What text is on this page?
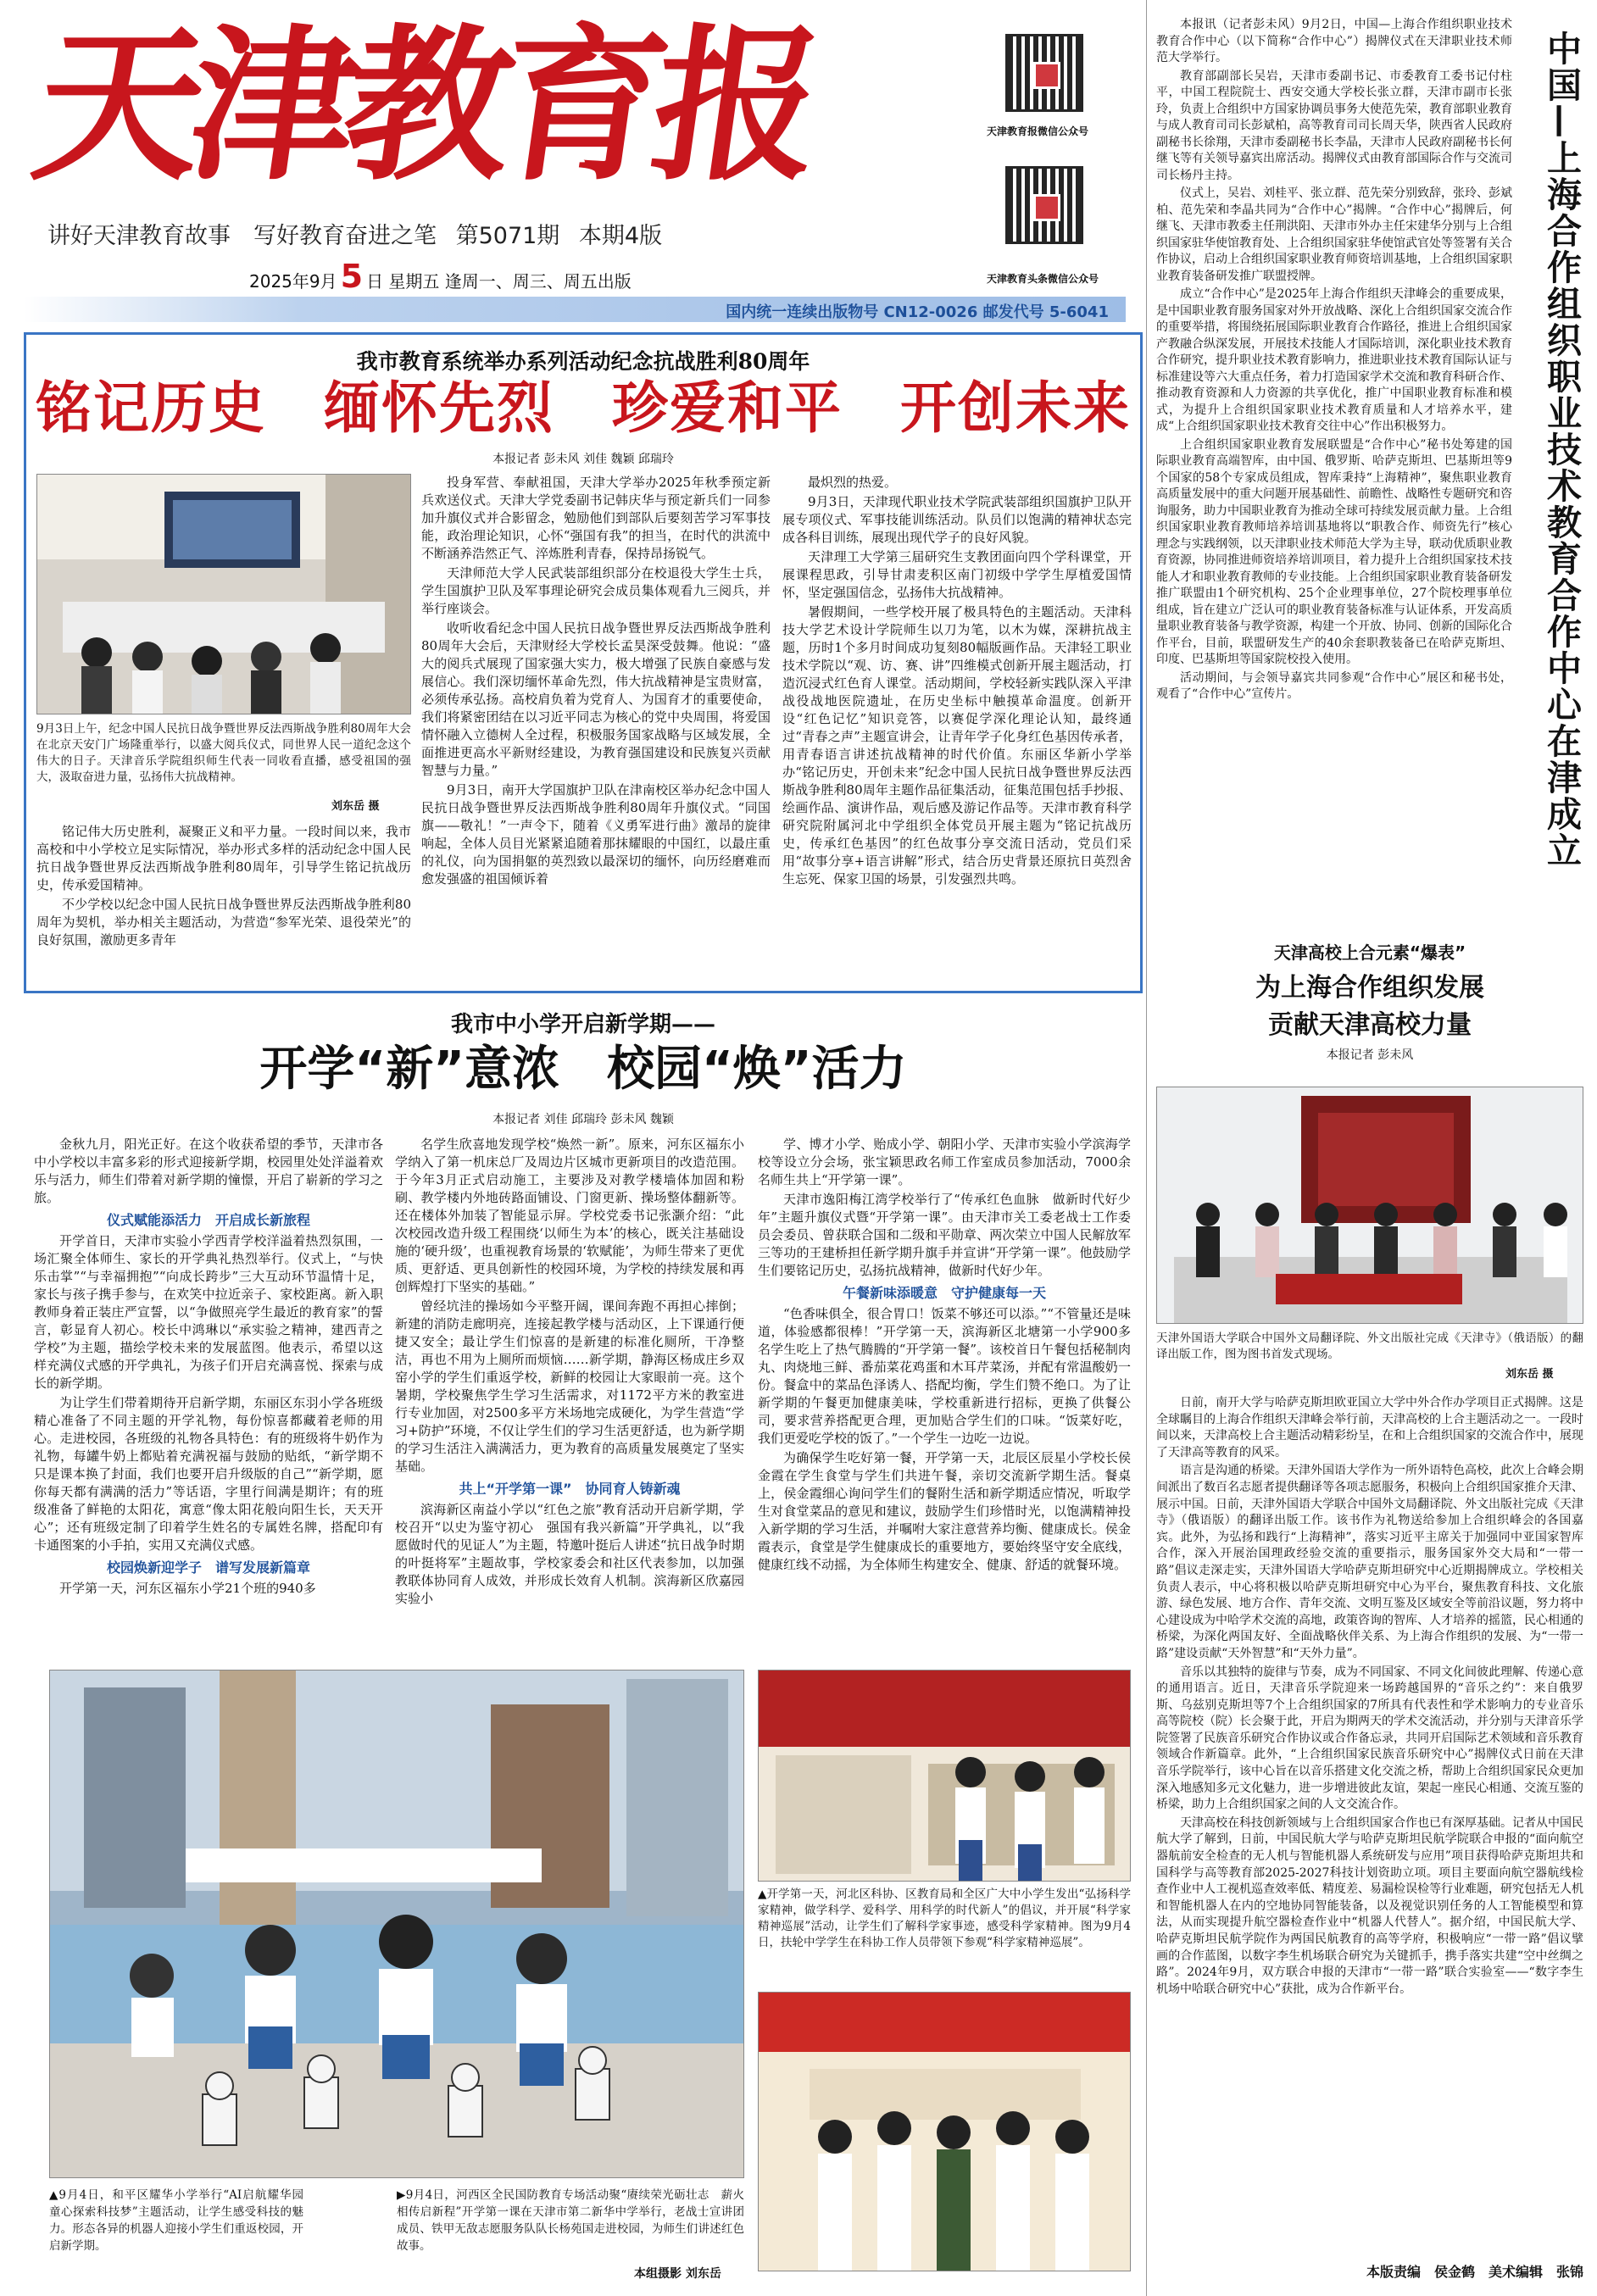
天津教育报
讲好天津教育故事　写好教育奋进之笔 第5071期 本期4版
2025年9月 5 日 星期五 逢周一、周三、周五出版
天津教育报微信公众号
天津教育头条微信公众号
国内统一连续出版物号 CN12-0026 邮发代号 5-6041
我市教育系统举办系列活动纪念抗战胜利80周年
铭记历史　缅怀先烈　珍爱和平　开创未来
本报记者 彭未风 刘佳 魏颖 邱瑞玲
9月3日上午，纪念中国人民抗日战争暨世界反法西斯战争胜利80周年大会在北京天安门广场隆重举行，以盛大阅兵仪式，同世界人民一道纪念这个伟大的日子。天津音乐学院组织师生代表一同收看直播，感受祖国的强大，汲取奋进力量，弘扬伟大抗战精神。
刘东岳 摄

铭记伟大历史胜利，凝聚正义和平力量。一段时间以来，我市高校和中小学校立足实际情况，举办形式多样的活动纪念中国人民抗日战争暨世界反法西斯战争胜利80周年，引导学生铭记抗战历史，传承爱国精神。

不少学校以纪念中国人民抗日战争暨世界反法西斯战争胜利80周年为契机，举办相关主题活动，为营造“参军光荣、退役荣光”的良好氛围，激励更多青年

投身军营、奉献祖国，天津大学举办2025年秋季预定新兵欢送仪式。天津大学党委副书记韩庆华与预定新兵们一同参加升旗仪式并合影留念，勉励他们到部队后要刻苦学习军事技能，政治理论知识，心怀“强国有我”的担当，在时代的洪流中不断涵养浩然正气、淬炼胜利青春，保持昂扬锐气。

天津师范大学人民武装部组织部分在校退役大学生士兵，学生国旗护卫队及军事理论研究会成员集体观看九三阅兵，并举行座谈会。

收听收看纪念中国人民抗日战争暨世界反法西斯战争胜利80周年大会后，天津财经大学校长孟昊深受鼓舞。他说：“盛大的阅兵式展现了国家强大实力，极大增强了民族自豪感与发展信心。我们深切缅怀革命先烈，伟大抗战精神是宝贵财富，必须传承弘扬。高校肩负着为党育人、为国育才的重要使命，我们将紧密团结在以习近平同志为核心的党中央周围，将爱国情怀融入立德树人全过程，积极服务国家战略与区域发展，全面推进更高水平新财经建设，为教育强国建设和民族复兴贡献智慧与力量。”

9月3日，南开大学国旗护卫队在津南校区举办纪念中国人民抗日战争暨世界反法西斯战争胜利80周年升旗仪式。“同国旗——敬礼！”一声令下，随着《义勇军进行曲》激昂的旋律响起，全体人员目光紧紧追随着那抹耀眼的中国红，以最庄重的礼仪，向为国捐躯的英烈致以最深切的缅怀，向历经磨难而愈发强盛的祖国倾诉着

最炽烈的热爱。

9月3日，天津现代职业技术学院武装部组织国旗护卫队开展专项仪式、军事技能训练活动。队员们以饱满的精神状态完成各科目训练，展现出现代学子的良好风貌。

天津理工大学第三届研究生支教团面向四个学科课堂，开展课程思政，引导甘肃麦积区南门初级中学学生厚植爱国情怀，坚定强国信念，弘扬伟大抗战精神。

暑假期间，一些学校开展了极具特色的主题活动。天津科技大学艺术设计学院师生以刀为笔，以木为媒，深耕抗战主题，历时1个多月时间成功复刻80幅版画作品。天津轻工职业技术学院以“观、访、赛、讲”四维模式创新开展主题活动，打造沉浸式红色育人课堂。活动期间，学校轻新实践队深入平津战役战地医院遗址，在历史坐标中触摸革命温度。创新开设“红色记忆”知识竞答，以赛促学深化理论认知，最终通过“青春之声”主题宣讲会，让青年学子化身红色基因传承者，用青春语言讲述抗战精神的时代价值。东丽区华新小学举办“铭记历史，开创未来”纪念中国人民抗日战争暨世界反法西斯战争胜利80周年主题作品征集活动，征集范围包括手抄报、绘画作品、演讲作品，观后感及游记作品等。天津市教育科学研究院附属河北中学组织全体党员开展主题为“铭记抗战历史，传承红色基因”的红色故事分享交流日活动，党员们采用“故事分享+语言讲解”形式，结合历史背景还原抗日英烈舍生忘死、保家卫国的场景，引发强烈共鸣。

我市中小学开启新学期——
开学“新”意浓　校园“焕”活力
本报记者 刘佳 邱瑞玲 彭未风 魏颖

金秋九月，阳光正好。在这个收获希望的季节，天津市各中小学校以丰富多彩的形式迎接新学期，校园里处处洋溢着欢乐与活力，师生们带着对新学期的憧憬，开启了崭新的学习之旅。

仪式赋能添活力　开启成长新旅程

开学首日，天津市实验小学西青学校洋溢着热烈氛围，一场汇聚全体师生、家长的开学典礼热烈举行。仪式上，“与快乐击掌”“与幸福拥抱”“向成长跨步”三大互动环节温情十足，家长与孩子携手参与，在欢笑中拉近亲子、家校距离。新入职教师身着正装庄严宣誓，以“争做照亮学生最近的教育家”的誓言，彰显育人初心。校长中鸿琳以“承实验之精神，建西青之学校”为主题，描绘学校未来的发展蓝图。他表示，希望以这样充满仪式感的开学典礼，为孩子们开启充满喜悦、探索与成长的新学期。

为让学生们带着期待开启新学期，东丽区东羽小学各班级精心准备了不同主题的开学礼物，每份惊喜都藏着老师的用心。走进校园，各班级的礼物各具特色：有的班级将牛奶作为礼物，每罐牛奶上都贴着充满祝福与鼓励的贴纸，“新学期不只是课本换了封面，我们也要开启升级版的自己”“新学期，愿你每天都有满满的活力”等话语，字里行间满是期许；有的班级准备了鲜艳的太阳花，寓意“像太阳花般向阳生长，天天开心”；还有班级定制了印着学生姓名的专属姓名牌，搭配印有卡通图案的小手拍，实用又充满仪式感。

校园焕新迎学子　谱写发展新篇章

开学第一天，河东区福东小学21个班的940多

名学生欣喜地发现学校“焕然一新”。原来，河东区福东小学纳入了第一机床总厂及周边片区城市更新项目的改造范围。于今年3月正式启动施工，主要涉及对教学楼墙体加固和粉刷、教学楼内外地砖路面铺设、门窗更新、操场整体翻新等。还在楼体外加装了智能显示屏。学校党委书记张灏介绍：“此次校园改造升级工程围绕‘以师生为本’的核心，既关注基础设施的‘硬升级’，也重视教育场景的‘软赋能’，为师生带来了更优质、更舒适、更具创新性的校园环境，为学校的持续发展和再创辉煌打下坚实的基础。”

曾经坑洼的操场如今平整开阔，课间奔跑不再担心摔倒；新建的消防走廊明亮，连接起教学楼与活动区，上下课通行便捷又安全；最让学生们惊喜的是新建的标准化厕所，干净整洁，再也不用为上厕所而烦恼……新学期，静海区杨成庄乡双窑小学的学生们重返学校，新鲜的校园让大家眼前一亮。这个暑期，学校聚焦学生学习生活需求，对1172平方米的教室进行专业加固，对2500多平方米场地完成硬化，为学生营造“学习+防护”环境，不仅让学生们的学习生活更舒适，也为新学期的学习生活注入满满活力，更为教育的高质量发展奠定了坚实基础。

共上“开学第一课”　协同育人铸新魂

滨海新区南益小学以“红色之旅”教育活动开启新学期，学校召开“以史为鉴守初心　强国有我兴新篇”开学典礼，以“我愿做时代的见证人”为主题，特邀叶挺后人讲述“抗日战争时期的叶挺将军”主题故事，学校家委会和社区代表参加，以加强教联体协同育人成效，并形成长效育人机制。滨海新区欣嘉园实验小

学、博才小学、贻成小学、朝阳小学、天津市实验小学滨海学校等设立分会场，张宝颖思政名师工作室成员参加活动，7000余名师生共上“开学第一课”。

天津市逸阳梅江湾学校举行了“传承红色血脉　做新时代好少年”主题升旗仪式暨“开学第一课”。由天津市关工委老战士工作委员会委员、曾获联合国和二级和平勋章、两次荣立中国人民解放军三等功的王建桥担任新学期升旗手并宣讲“开学第一课”。他鼓励学生们要铭记历史，弘扬抗战精神，做新时代好少年。

午餐新味添暖意　守护健康每一天

“色香味俱全，很合胃口！饭菜不够还可以添。”“不管量还是味道，体验感都很棒！”开学第一天，滨海新区北塘第一小学900多名学生吃上了热气腾腾的“开学第一餐”。该校首日午餐包括秘制肉丸、肉烧地三鲜、番茄菜花鸡蛋和木耳芹菜汤，并配有常温酸奶一份。餐盒中的菜品色泽诱人、搭配均衡，学生们赞不绝口。为了让新学期的午餐更加健康美味，学校重新进行招标，更换了供餐公司，要求营养搭配更合理，更加贴合学生们的口味。“饭菜好吃，我们更爱吃学校的饭了。”一个学生一边吃一边说。

为确保学生吃好第一餐，开学第一天，北辰区辰星小学校长侯金霞在学生食堂与学生们共进午餐，亲切交流新学期生活。餐桌上，侯金霞细心询问学生们的餐附生活和新学期适应情况，听取学生对食堂菜品的意见和建议，鼓励学生们珍惜时光，以饱满精神投入新学期的学习生活，并嘱咐大家注意营养均衡、健康成长。侯金霞表示，食堂是学生健康成长的重要地方，要始终坚守安全底线，健康红线不动摇，为全体师生构建安全、健康、舒适的就餐环境。

▲开学第一天，河北区科协、区教育局和全区广大中小学生发出“弘扬科学家精神，做学科学、爱科学、用科学的时代新人”的倡议，并开展“科学家精神巡展”活动，让学生们了解科学家事迹，感受科学家精神。图为9月4日，扶轮中学学生在科协工作人员带领下参观“科学家精神巡展”。
▲9月4日，和平区耀华小学举行“AI启航耀华园　童心探索科技梦”主题活动，让学生感受科技的魅力。形态各异的机器人迎接小学生们重返校园，开启新学期。
▶9月4日，河西区全民国防教育专场活动聚“赓续荣光砺壮志　薪火相传启新程”开学第一课在天津市第二新华中学举行，老战士宣讲团成员、铁甲无敌志愿服务队队长杨苑国走进校园，为师生们讲述红色故事。
本组摄影 刘东岳

本报讯（记者彭未风）9月2日，中国—上海合作组织职业技术教育合作中心（以下简称“合作中心”）揭牌仪式在天津职业技术师范大学举行。

教育部副部长吴岩，天津市委副书记、市委教育工委书记付柱平，中国工程院院士、西安交通大学校长张立群，天津市副市长张玲，负责上合组织中方国家协调员事务大使范先荣，教育部职业教育与成人教育司司长彭斌柏，高等教育司司长周天华，陕西省人民政府副秘书长徐翔，天津市委副秘书长李晶，天津市人民政府副秘书长何继飞等有关领导嘉宾出席活动。揭牌仪式由教育部国际合作与交流司司长杨丹主持。

仪式上，吴岩、刘桂平、张立群、范先荣分别致辞，张玲、彭斌柏、范先荣和李晶共同为“合作中心”揭牌。“合作中心”揭牌后，何继飞、天津市教委主任荆洪阳、天津市外办主任宋建华分别与上合组织国家驻华使馆教育处、上合组织国家驻华使馆武官处等签署有关合作协议，启动上合组织国家职业教育师资培训基地，上合组织国家职业教育装备研发推广联盟授牌。

成立“合作中心”是2025年上海合作组织天津峰会的重要成果，是中国职业教育服务国家对外开放战略、深化上合组织国家交流合作的重要举措，将围绕拓展国际职业教育合作路径，推进上合组织国家产教融合纵深发展，开展技术技能人才国际培训，深化职业技术教育合作研究，提升职业技术教育影响力，推进职业技术教育国际认证与标准建设等六大重点任务，着力打造国家学术交流和教育科研合作、推动教育资源和人力资源的共享优化，推广中国职业教育标准和模式，为提升上合组织国家职业技术教育质量和人才培养水平，建成“上合组织国家职业技术教育交往中心”作出积极努力。

上合组织国家职业教育发展联盟是“合作中心”秘书处筹建的国际职业教育高端智库，由中国、俄罗斯、哈萨克斯坦、巴基斯坦等9个国家的58个专家成员组成，智库秉持“上海精神”，聚焦职业教育高质量发展中的重大问题开展基础性、前瞻性、战略性专题研究和咨询服务，助力中国职业教育为推动全球可持续发展贡献力量。上合组织国家职业教育教师培养培训基地将以“职教合作、师资先行”核心理念与实践纲领，以天津职业技术师范大学为主导，联动优质职业教育资源，协同推进师资培养培训项目，着力提升上合组织国家技术技能人才和职业教育教师的专业技能。上合组织国家职业教育装备研发推广联盟由1个研究机构、25个企业理事单位，27个院校理事单位组成，旨在建立广泛认可的职业教育装备标准与认证体系，开发高质量职业教育装备与教学资源，构建一个开放、协同、创新的国际化合作平台，目前，联盟研发生产的40余套职教装备已在哈萨克斯坦、印度、巴基斯坦等国家院校投入使用。

活动期间，与会领导嘉宾共同参观“合作中心”展区和秘书处，观看了“合作中心”宣传片。	中国—上海合作组织职业技术教育合作中心在津成立
天津高校上合元素“爆表”
为上海合作组织发展
贡献天津高校力量
本报记者 彭未风
天津外国语大学联合中国外文局翻译院、外文出版社完成《天津寺》（俄语版）的翻译出版工作，图为图书首发式现场。
刘东岳 摄

日前，南开大学与哈萨克斯坦欧亚国立大学中外合作办学项目正式揭牌。这是全球瞩目的上海合作组织天津峰会举行前，天津高校的上合主题活动之一。一段时间以来，天津高校上合主题活动精彩纷呈，在和上合组织国家的交流合作中，展现了天津高等教育的风采。

语言是沟通的桥梁。天津外国语大学作为一所外语特色高校，此次上合峰会期间派出了数百名志愿者提供翻译等各项志愿服务，积极向上合组织国家推介天津、展示中国。日前，天津外国语大学联合中国外文局翻译院、外文出版社完成《天津寺》（俄语版）的翻译出版工作。该书作为礼物送给参加上合组织峰会的各国嘉宾。此外，为弘扬和践行“上海精神”，落实习近平主席关于加强同中亚国家智库合作，深入开展治国理政经验交流的重要指示，服务国家外交大局和“一带一路”倡议走深走实，天津外国语大学哈萨克斯坦研究中心近期揭牌成立。学校相关负责人表示，中心将积极以哈萨克斯坦研究中心为平台，聚焦教育科技、文化旅游、绿色发展、地方合作、青年交流、文明互鉴及区域安全等前沿议题，努力将中心建设成为中哈学术交流的高地，政策咨询的智库、人才培养的摇篮，民心相通的桥梁，为深化两国友好、全面战略伙伴关系、为上海合作组织的发展、为“一带一路”建设贡献“天外智慧”和“天外力量”。

音乐以其独特的旋律与节奏，成为不同国家、不同文化间彼此理解、传递心意的通用语言。近日，天津音乐学院迎来一场跨越国界的“音乐之约”：来自俄罗斯、乌兹别克斯坦等7个上合组织国家的7所具有代表性和学术影响力的专业音乐高等院校（院）长会聚于此，开启为期两天的学术交流活动，并分别与天津音乐学院签署了民族音乐研究合作协议或合作备忘录，共同开启国际艺术领域和音乐教育领域合作新篇章。此外，“上合组织国家民族音乐研究中心”揭牌仪式日前在天津音乐学院举行，该中心旨在以音乐搭建文化交流之桥，帮助上合组织国家民众更加深入地感知多元文化魅力，进一步增进彼此友谊，架起一座民心相通、交流互鉴的桥梁，助力上合组织国家之间的人文交流合作。

天津高校在科技创新领域与上合组织国家合作也已有深厚基础。记者从中国民航大学了解到，日前，中国民航大学与哈萨克斯坦民航学院联合申报的“面向航空器航前安全检查的无人机与智能机器人系统研发与应用”项目获得哈萨克斯坦共和国科学与高等教育部2025-2027科技计划资助立项。项目主要面向航空器航线检查作业中人工视机巡查效率低、精度差、易漏检误检等行业难题，研究包括无人机和智能机器人在内的空地协同智能装备，以及视觉识别任务的人工智能模型和算法，从而实现提升航空器检查作业中“机器人代替人”。据介绍，中国民航大学、哈萨克斯坦民航学院作为两国民航教育的高等学府，积极响应“一带一路”倡议擘画的合作蓝图，以数字李生机场联合研究为关键抓手，携手落实共建“空中丝绸之路”。2024年9月，双方联合申报的天津市“一带一路”联合实验室——“数字李生机场中哈联合研究中心”获批，成为合作新平台。

本版责编　侯金鹤　美术编辑　张锦
